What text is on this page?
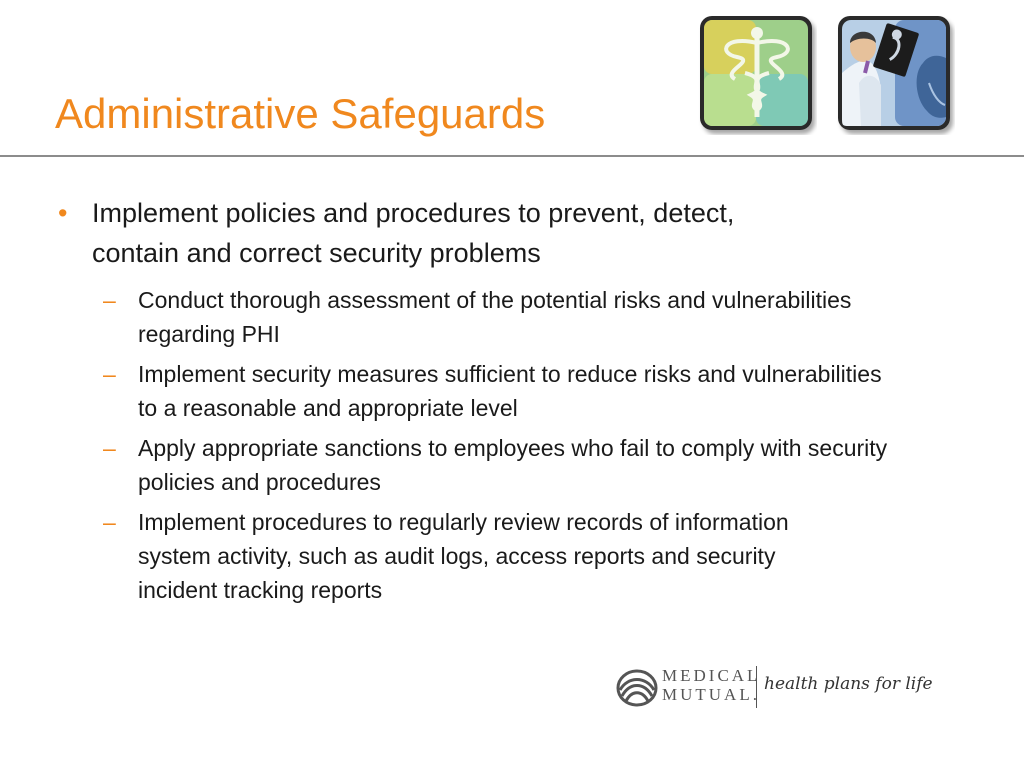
Administrative Safeguards
• Implement policies and procedures to prevent, detect, contain and correct security problems
– Conduct thorough assessment of the potential risks and vulnerabilities regarding PHI
– Implement security measures sufficient to reduce risks and vulnerabilities to a reasonable and appropriate level
– Apply appropriate sanctions to employees who fail to comply with security policies and procedures
– Implement procedures to regularly review records of information system activity, such as audit logs, access reports and security incident tracking reports
MEDICAL
MUTUAL.
health plans for life
